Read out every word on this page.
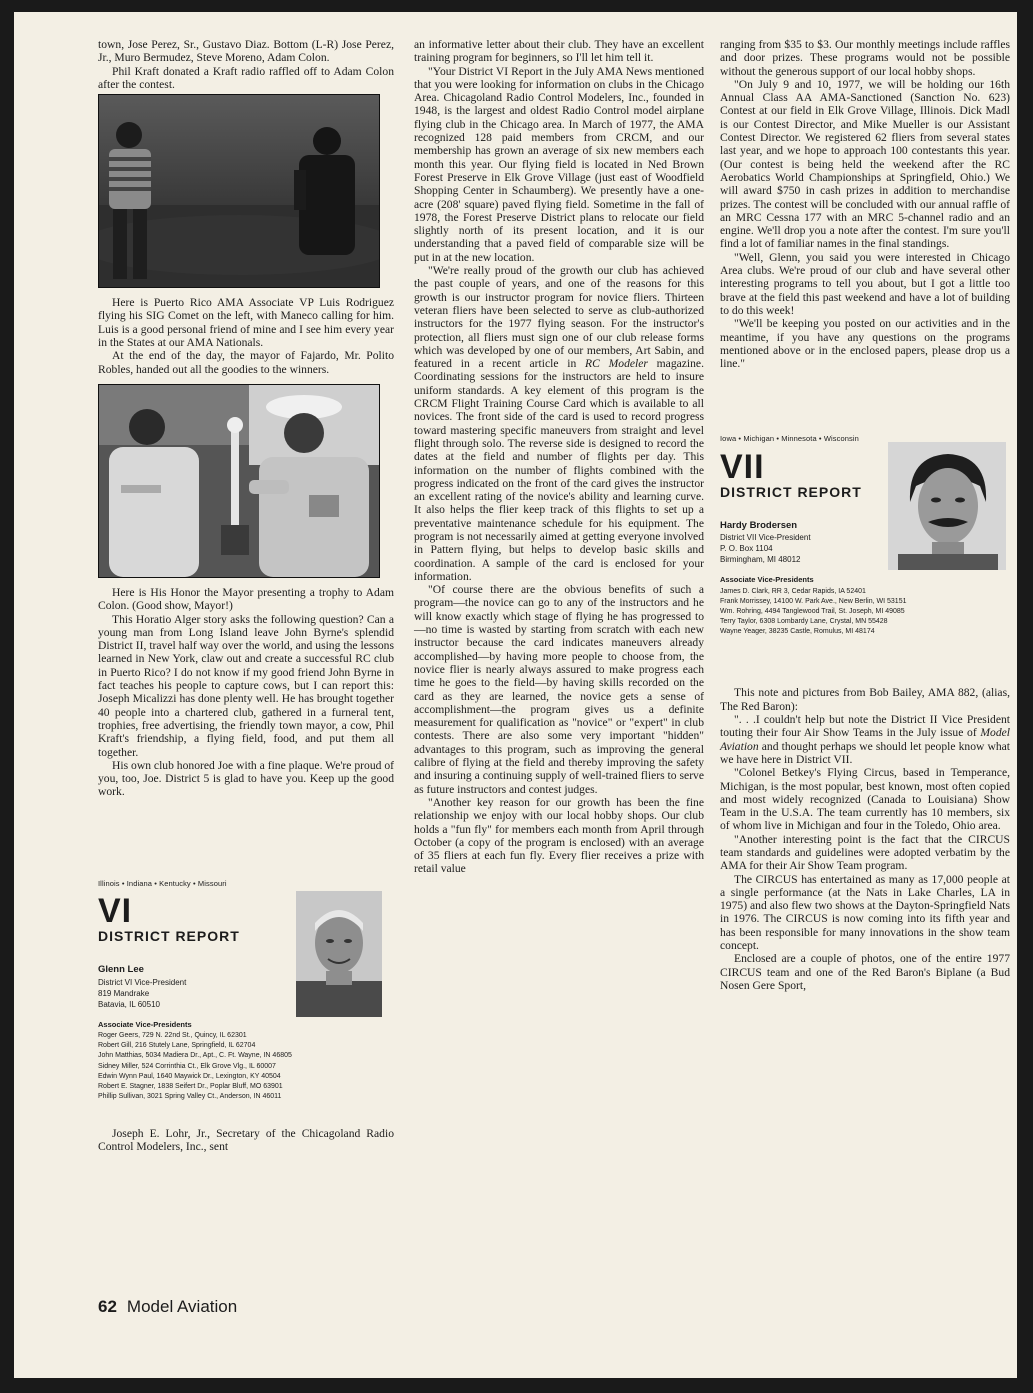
town, Jose Perez, Sr., Gustavo Diaz. Bottom (L-R) Jose Perez, Jr., Muro Bermudez, Steve Moreno, Adam Colon.

Phil Kraft donated a Kraft radio raffled off to Adam Colon after the contest.

Here is Puerto Rico AMA Associate VP Luis Rodriguez flying his SIG Comet on the left, with Maneco calling for him. Luis is a good personal friend of mine and I see him every year in the States at our AMA Nationals.

At the end of the day, the mayor of Fajardo, Mr. Polito Robles, handed out all the goodies to the winners.

Here is His Honor the Mayor presenting a trophy to Adam Colon. (Good show, Mayor!)

This Horatio Alger story asks the following question? Can a young man from Long Island leave John Byrne's splendid District II, travel half way over the world, and using the lessons learned in New York, claw out and create a successful RC club in Puerto Rico? I do not know if my good friend John Byrne in fact teaches his people to capture cows, but I can report this: Joseph Micalizzi has done plenty well. He has brought together 40 people into a chartered club, gathered in a furneral tent, trophies, free advertising, the friendly town mayor, a cow, Phil Kraft's friendship, a flying field, food, and put them all together.

His own club honored Joe with a fine plaque. We're proud of you, too, Joe. District 5 is glad to have you. Keep up the good work.

Illinois • Indiana • Kentucky • Missouri
VI
DISTRICT REPORT
Glenn Lee
District VI Vice-President
819 Mandrake
Batavia, IL 60510
Associate Vice-Presidents
Roger Geers, 729 N. 22nd St., Quincy, IL 62301
Robert Gill, 216 Stutely Lane, Springfield, IL 62704
John Matthias, 5034 Madiera Dr., Apt., C. Ft. Wayne, IN 46805
Sidney Miller, 524 Corrinthia Ct., Elk Grove Vlg., IL 60007
Edwin Wynn Paul, 1640 Maywick Dr., Lexington, KY 40504
Robert E. Stagner, 1838 Seifert Dr., Poplar Bluff, MO 63901
Phillip Sullivan, 3021 Spring Valley Ct., Anderson, IN 46011

Joseph E. Lohr, Jr., Secretary of the Chicagoland Radio Control Modelers, Inc., sent

an informative letter about their club. They have an excellent training program for beginners, so I'll let him tell it.

"Your District VI Report in the July AMA News mentioned that you were looking for information on clubs in the Chicago Area. Chicagoland Radio Control Modelers, Inc., founded in 1948, is the largest and oldest Radio Control model airplane flying club in the Chicago area. In March of 1977, the AMA recognized 128 paid members from CRCM, and our membership has grown an average of six new members each month this year. Our flying field is located in Ned Brown Forest Preserve in Elk Grove Village (just east of Woodfield Shopping Center in Schaumberg). We presently have a one-acre (208' square) paved flying field. Sometime in the fall of 1978, the Forest Preserve District plans to relocate our field slightly north of its present location, and it is our understanding that a paved field of comparable size will be put in at the new location.

"We're really proud of the growth our club has achieved the past couple of years, and one of the reasons for this growth is our instructor program for novice fliers. Thirteen veteran fliers have been selected to serve as club-authorized instructors for the 1977 flying season. For the instructor's protection, all fliers must sign one of our club release forms which was developed by one of our members, Art Sabin, and featured in a recent article in RC Modeler magazine. Coordinating sessions for the instructors are held to insure uniform standards. A key element of this program is the CRCM Flight Training Course Card which is available to all novices. The front side of the card is used to record progress toward mastering specific maneuvers from straight and level flight through solo. The reverse side is designed to record the dates at the field and number of flights per day. This information on the number of flights combined with the progress indicated on the front of the card gives the instructor an excellent rating of the novice's ability and learning curve. It also helps the flier keep track of this flights to set up a preventative maintenance schedule for his equipment. The program is not necessarily aimed at getting everyone involved in Pattern flying, but helps to develop basic skills and coordination. A sample of the card is enclosed for your information.

"Of course there are the obvious benefits of such a program—the novice can go to any of the instructors and he will know exactly which stage of flying he has progressed to—no time is wasted by starting from scratch with each new instructor because the card indicates maneuvers already accomplished—by having more people to choose from, the novice flier is nearly always assured to make progress each time he goes to the field—by having skills recorded on the card as they are learned, the novice gets a sense of accomplishment—the program gives us a definite measurement for qualification as "novice" or "expert" in club contests. There are also some very important "hidden" advantages to this program, such as improving the general calibre of flying at the field and thereby improving the safety and insuring a continuing supply of well-trained fliers to serve as future instructors and contest judges.

"Another key reason for our growth has been the fine relationship we enjoy with our local hobby shops. Our club holds a "fun fly" for members each month from April through October (a copy of the program is enclosed) with an average of 35 fliers at each fun fly. Every flier receives a prize with retail value

ranging from $35 to $3. Our monthly meetings include raffles and door prizes. These programs would not be possible without the generous support of our local hobby shops.

"On July 9 and 10, 1977, we will be holding our 16th Annual Class AA AMA-Sanctioned (Sanction No. 623) Contest at our field in Elk Grove Village, Illinois. Dick Madl is our Contest Director, and Mike Mueller is our Assistant Contest Director. We registered 62 fliers from several states last year, and we hope to approach 100 contestants this year. (Our contest is being held the weekend after the RC Aerobatics World Championships at Springfield, Ohio.) We will award $750 in cash prizes in addition to merchandise prizes. The contest will be concluded with our annual raffle of an MRC Cessna 177 with an MRC 5-channel radio and an engine. We'll drop you a note after the contest. I'm sure you'll find a lot of familiar names in the final standings.

"Well, Glenn, you said you were interested in Chicago Area clubs. We're proud of our club and have several other interesting programs to tell you about, but I got a little too brave at the field this past weekend and have a lot of building to do this week!

"We'll be keeping you posted on our activities and in the meantime, if you have any questions on the programs mentioned above or in the enclosed papers, please drop us a line."

Iowa • Michigan • Minnesota • Wisconsin
VII
DISTRICT REPORT
Hardy Brodersen
District VII Vice-President
P. O. Box 1104
Birmingham, MI 48012
Associate Vice-Presidents
James D. Clark, RR 3, Cedar Rapids, IA 52401
Frank Morrissey, 14100 W. Park Ave., New Berlin, WI 53151
Wm. Rohring, 4494 Tanglewood Trail, St. Joseph, MI 49085
Terry Taylor, 6308 Lombardy Lane, Crystal, MN 55428
Wayne Yeager, 38235 Castle, Romulus, MI 48174

This note and pictures from Bob Bailey, AMA 882, (alias, The Red Baron):

". . .I couldn't help but note the District II Vice President touting their four Air Show Teams in the July issue of Model Aviation and thought perhaps we should let people know what we have here in District VII.

"Colonel Betkey's Flying Circus, based in Temperance, Michigan, is the most popular, best known, most often copied and most widely recognized (Canada to Louisiana) Show Team in the U.S.A. The team currently has 10 members, six of whom live in Michigan and four in the Toledo, Ohio area.

"Another interesting point is the fact that the CIRCUS team standards and guidelines were adopted verbatim by the AMA for their Air Show Team program.

The CIRCUS has entertained as many as 17,000 people at a single performance (at the Nats in Lake Charles, LA in 1975) and also flew two shows at the Dayton-Springfield Nats in 1976. The CIRCUS is now coming into its fifth year and has been responsible for many innovations in the show team concept.

Enclosed are a couple of photos, one of the entire 1977 CIRCUS team and one of the Red Baron's Biplane (a Bud Nosen Gere Sport,

62 Model Aviation
